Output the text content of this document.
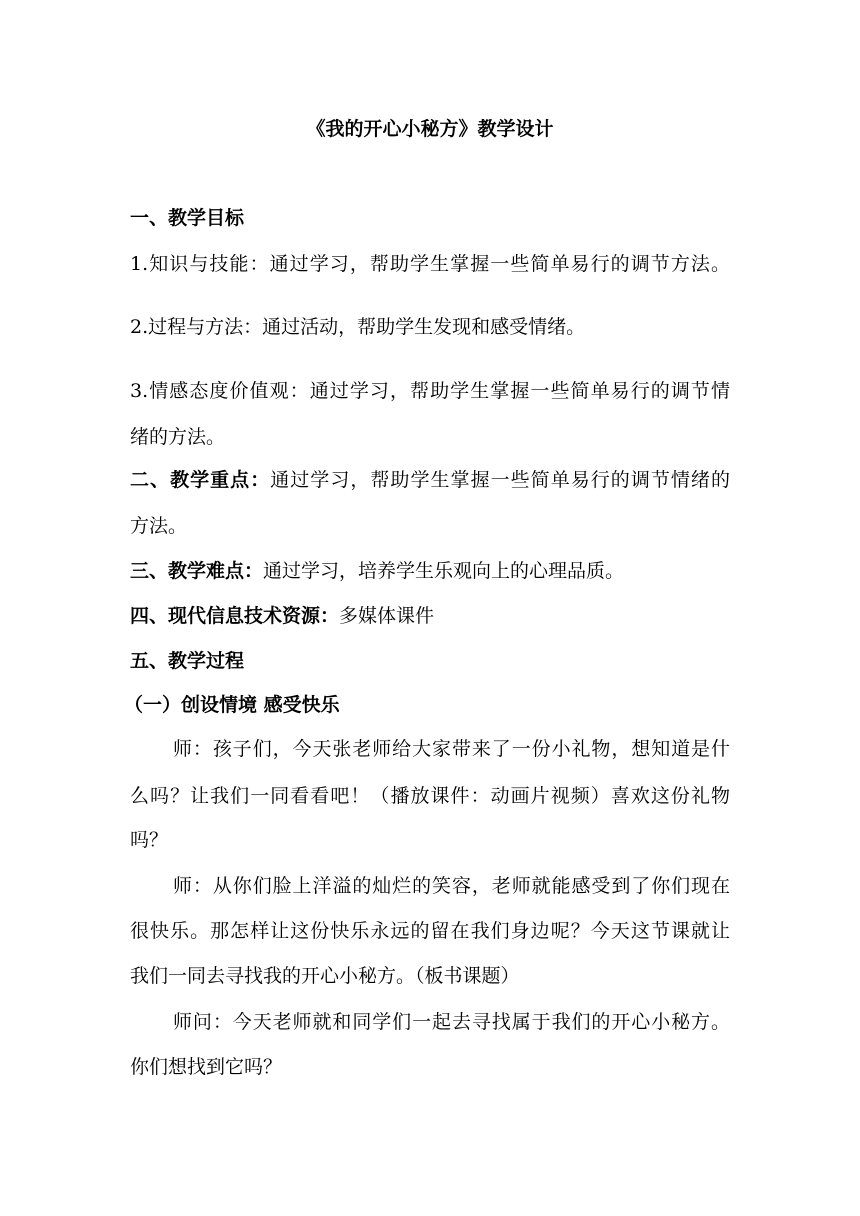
《我的开心小秘方》教学设计
一、教学目标
1.知识与技能：通过学习，帮助学生掌握一些简单易行的调节方法。
2.过程与方法：通过活动，帮助学生发现和感受情绪。
3.情感态度价值观：通过学习，帮助学生掌握一些简单易行的调节情
绪的方法。
二、教学重点：通过学习，帮助学生掌握一些简单易行的调节情绪的
方法。
三、教学难点：通过学习，培养学生乐观向上的心理品质。
四、现代信息技术资源：多媒体课件
五、教学过程
（一）创设情境 感受快乐
师：孩子们，今天张老师给大家带来了一份小礼物，想知道是什
么吗？让我们一同看看吧！（播放课件：动画片视频）喜欢这份礼物
吗？
师：从你们脸上洋溢的灿烂的笑容，老师就能感受到了你们现在
很快乐。那怎样让这份快乐永远的留在我们身边呢？今天这节课就让
我们一同去寻找我的开心小秘方。（板书课题）
师问：今天老师就和同学们一起去寻找属于我们的开心小秘方。
你们想找到它吗？
